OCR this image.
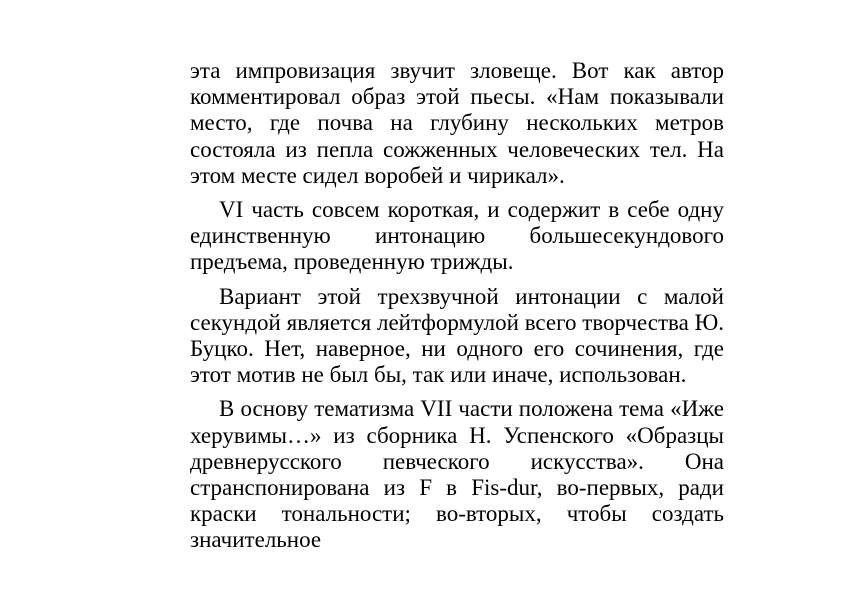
эта импровизация звучит зловеще. Вот как автор комментировал образ этой пьесы. «Нам показывали место, где почва на глубину нескольких метров состояла из пепла сожженных человеческих тел. На этом месте сидел воробей и чирикал».

VI часть совсем короткая, и содержит в себе одну единственную интонацию большесекундового предъема, проведенную трижды.

Вариант этой трехзвучной интонации с малой секундой является лейтформулой всего творчества Ю. Буцко. Нет, наверное, ни одного его сочинения, где этот мотив не был бы, так или иначе, использован.

В основу тематизма VII части положена тема «Иже херувимы…» из сборника Н. Успенского «Образцы древнерусского певческого искусства». Она странспонирована из F в Fis-dur, во-первых, ради краски тональности; во-вторых, чтобы создать значительное
